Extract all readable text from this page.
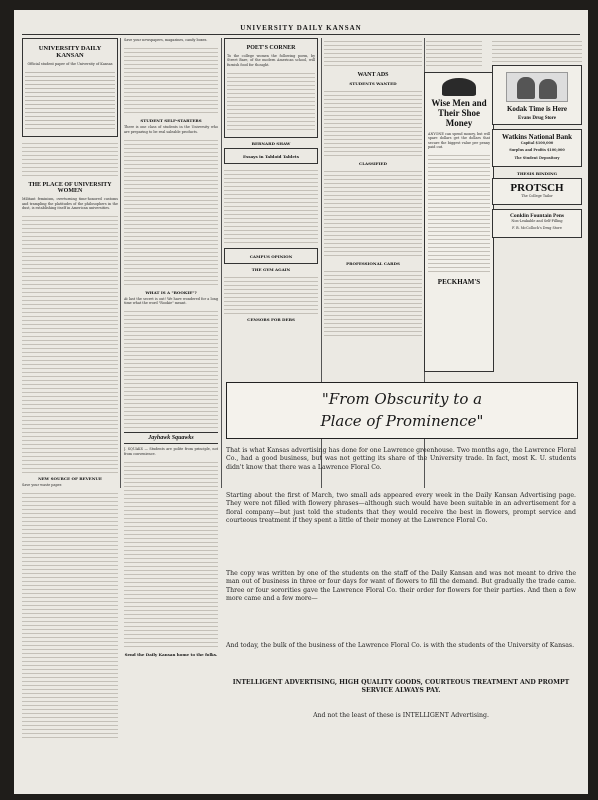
UNIVERSITY DAILY KANSAN
UNIVERSITY DAILY KANSAN
Official student paper of the University of Kansas
THE PLACE OF UNIVERSITY WOMEN
Militant feminism, overturning time-honored customs and trampling the platitudes of the philosophers in the dust, is establishing itself in American universities.
NEW SOURCE OF REVENUE
Save your waste paper.
Save your newspapers, magazines, candy boxes.
STUDENT SELF-STARTERS
There is one class of students in the University who are preparing to be real saleable products.
WHAT IS A "ROOKIE"?
At last the secret is out! We have wondered for a long time what the word "Rookie" meant.
Jayhawk Squawks
J. SQUAKS — Students are polite from principle, not from convenience.
Send the Daily Kansan home to the folks.
POET'S CORNER
To the college women the following poem, by Street Bare, of the modern American school, will furnish food for thought.
BERNARD SHAW
Essays in Tabloid Tablets
CAMPUS OPINION
THE GYM AGAIN
CENSORS FOR DEBS
WANT ADS
STUDENTS WANTED
CLASSIFIED
PROFESSIONAL CARDS
Wise Men and Their Shoe Money
ANYONE can spend money, but will spare dollars get the dollars that secure the biggest value per penny paid out.
PECKHAM'S
Kodak Time is Here
Evans Drug Store
Watkins National Bank
Capital $100,000
Surplus and Profits $100,000
The Student Depository
THESIS BINDING
PROTSCH
The College Tailor
Conklin Fountain Pens
Non-Leakable and Self-Filling
F. B. McColloch's Drug Store
"From Obscurity to a
Place of Prominence"
That is what Kansas advertising has done for one Lawrence greenhouse. Two months ago, the Lawrence Floral Co., had a good business, but was not getting its share of the University trade. In fact, most K. U. students didn't know that there was a Lawrence Floral Co.
Starting about the first of March, two small ads appeared every week in the Daily Kansan Advertising page. They were not filled with flowery phrases—although such would have been suitable in an advertisement for a floral company—but just told the students that they would receive the best in flowers, prompt service and courteous treatment if they spent a little of their money at the Lawrence Floral Co.
The copy was written by one of the students on the staff of the Daily Kansan and was not meant to drive the man out of business in three or four days for want of flowers to fill the demand. But gradually the trade came. Three or four sororities gave the Lawrence Floral Co. their order for flowers for their parties. And then a few more came and a few more—
And today, the bulk of the business of the Lawrence Floral Co. is with the students of the University of Kansas.
INTELLIGENT ADVERTISING, HIGH QUALITY GOODS, COURTEOUS TREATMENT AND PROMPT SERVICE ALWAYS PAY.
And not the least of these is INTELLIGENT Advertising.
